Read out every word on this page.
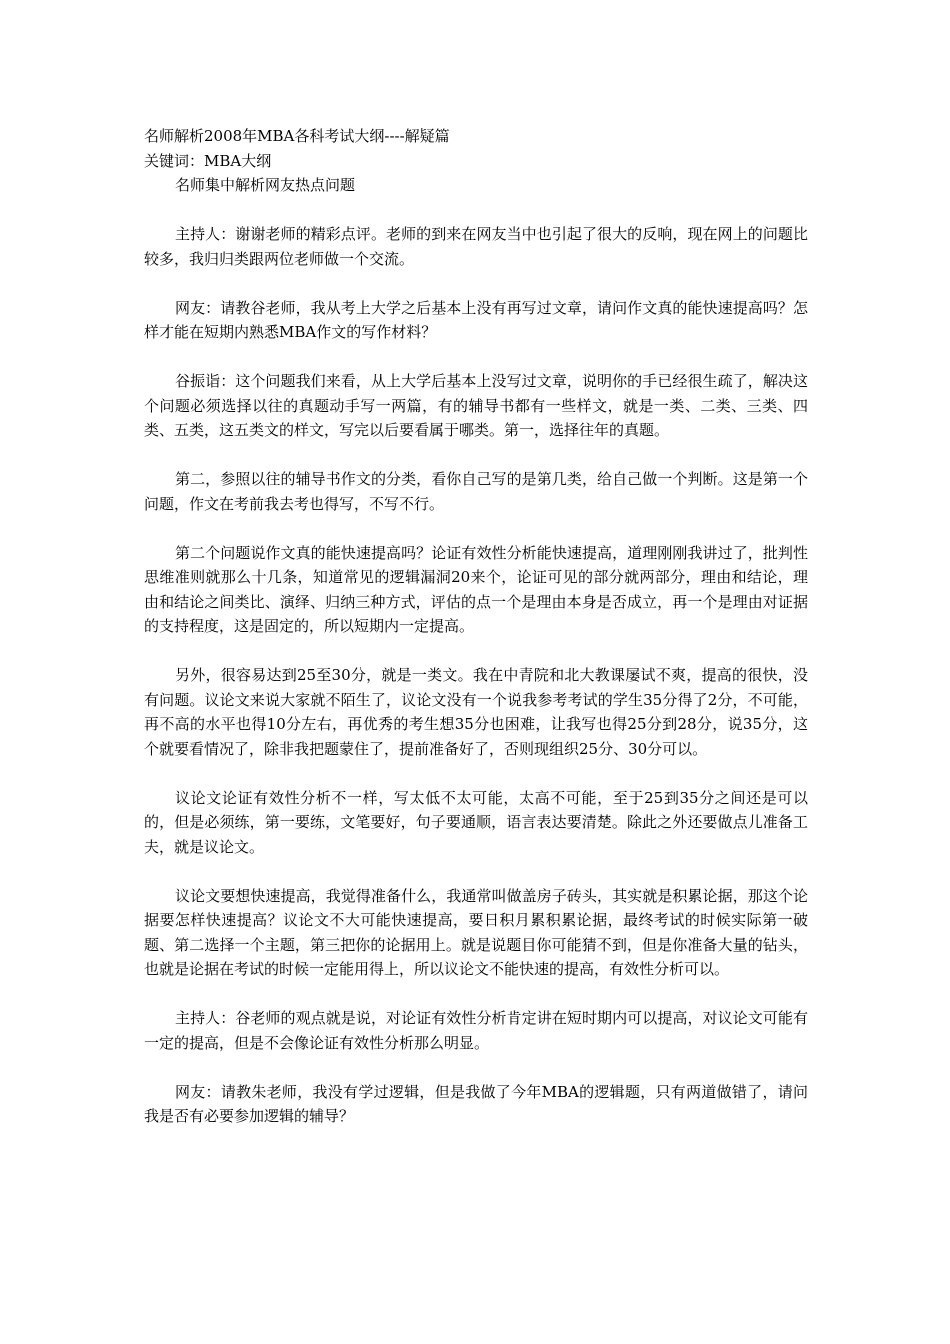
名师解析2008年MBA各科考试大纲----解疑篇

关键词：MBA大纲

名师集中解析网友热点问题

主持人：谢谢老师的精彩点评。老师的到来在网友当中也引起了很大的反响，现在网上的问题比较多，我归归类跟两位老师做一个交流。

网友：请教谷老师，我从考上大学之后基本上没有再写过文章，请问作文真的能快速提高吗？怎样才能在短期内熟悉MBA作文的写作材料？

谷振诣：这个问题我们来看，从上大学后基本上没写过文章，说明你的手已经很生疏了，解决这个问题必须选择以往的真题动手写一两篇，有的辅导书都有一些样文，就是一类、二类、三类、四类、五类，这五类文的样文，写完以后要看属于哪类。第一，选择往年的真题。

第二，参照以往的辅导书作文的分类，看你自己写的是第几类，给自己做一个判断。这是第一个问题，作文在考前我去考也得写，不写不行。

第二个问题说作文真的能快速提高吗？论证有效性分析能快速提高，道理刚刚我讲过了，批判性思维准则就那么十几条，知道常见的逻辑漏洞20来个，论证可见的部分就两部分，理由和结论，理由和结论之间类比、演绎、归纳三种方式，评估的点一个是理由本身是否成立，再一个是理由对证据的支持程度，这是固定的，所以短期内一定提高。

另外，很容易达到25至30分，就是一类文。我在中青院和北大教课屡试不爽，提高的很快，没有问题。议论文来说大家就不陌生了，议论文没有一个说我参考考试的学生35分得了2分，不可能，再不高的水平也得10分左右，再优秀的考生想35分也困难，让我写也得25分到28分，说35分，这个就要看情况了，除非我把题蒙住了，提前准备好了，否则现组织25分、30分可以。

议论文论证有效性分析不一样，写太低不太可能，太高不可能，至于25到35分之间还是可以的，但是必须练，第一要练，文笔要好，句子要通顺，语言表达要清楚。除此之外还要做点儿准备工夫，就是议论文。

议论文要想快速提高，我觉得准备什么，我通常叫做盖房子砖头，其实就是积累论据，那这个论据要怎样快速提高？议论文不大可能快速提高，要日积月累积累论据，最终考试的时候实际第一破题、第二选择一个主题，第三把你的论据用上。就是说题目你可能猜不到，但是你准备大量的钻头，也就是论据在考试的时候一定能用得上，所以议论文不能快速的提高，有效性分析可以。

主持人：谷老师的观点就是说，对论证有效性分析肯定讲在短时期内可以提高，对议论文可能有一定的提高，但是不会像论证有效性分析那么明显。

网友：请教朱老师，我没有学过逻辑，但是我做了今年MBA的逻辑题，只有两道做错了，请问我是否有必要参加逻辑的辅导？
